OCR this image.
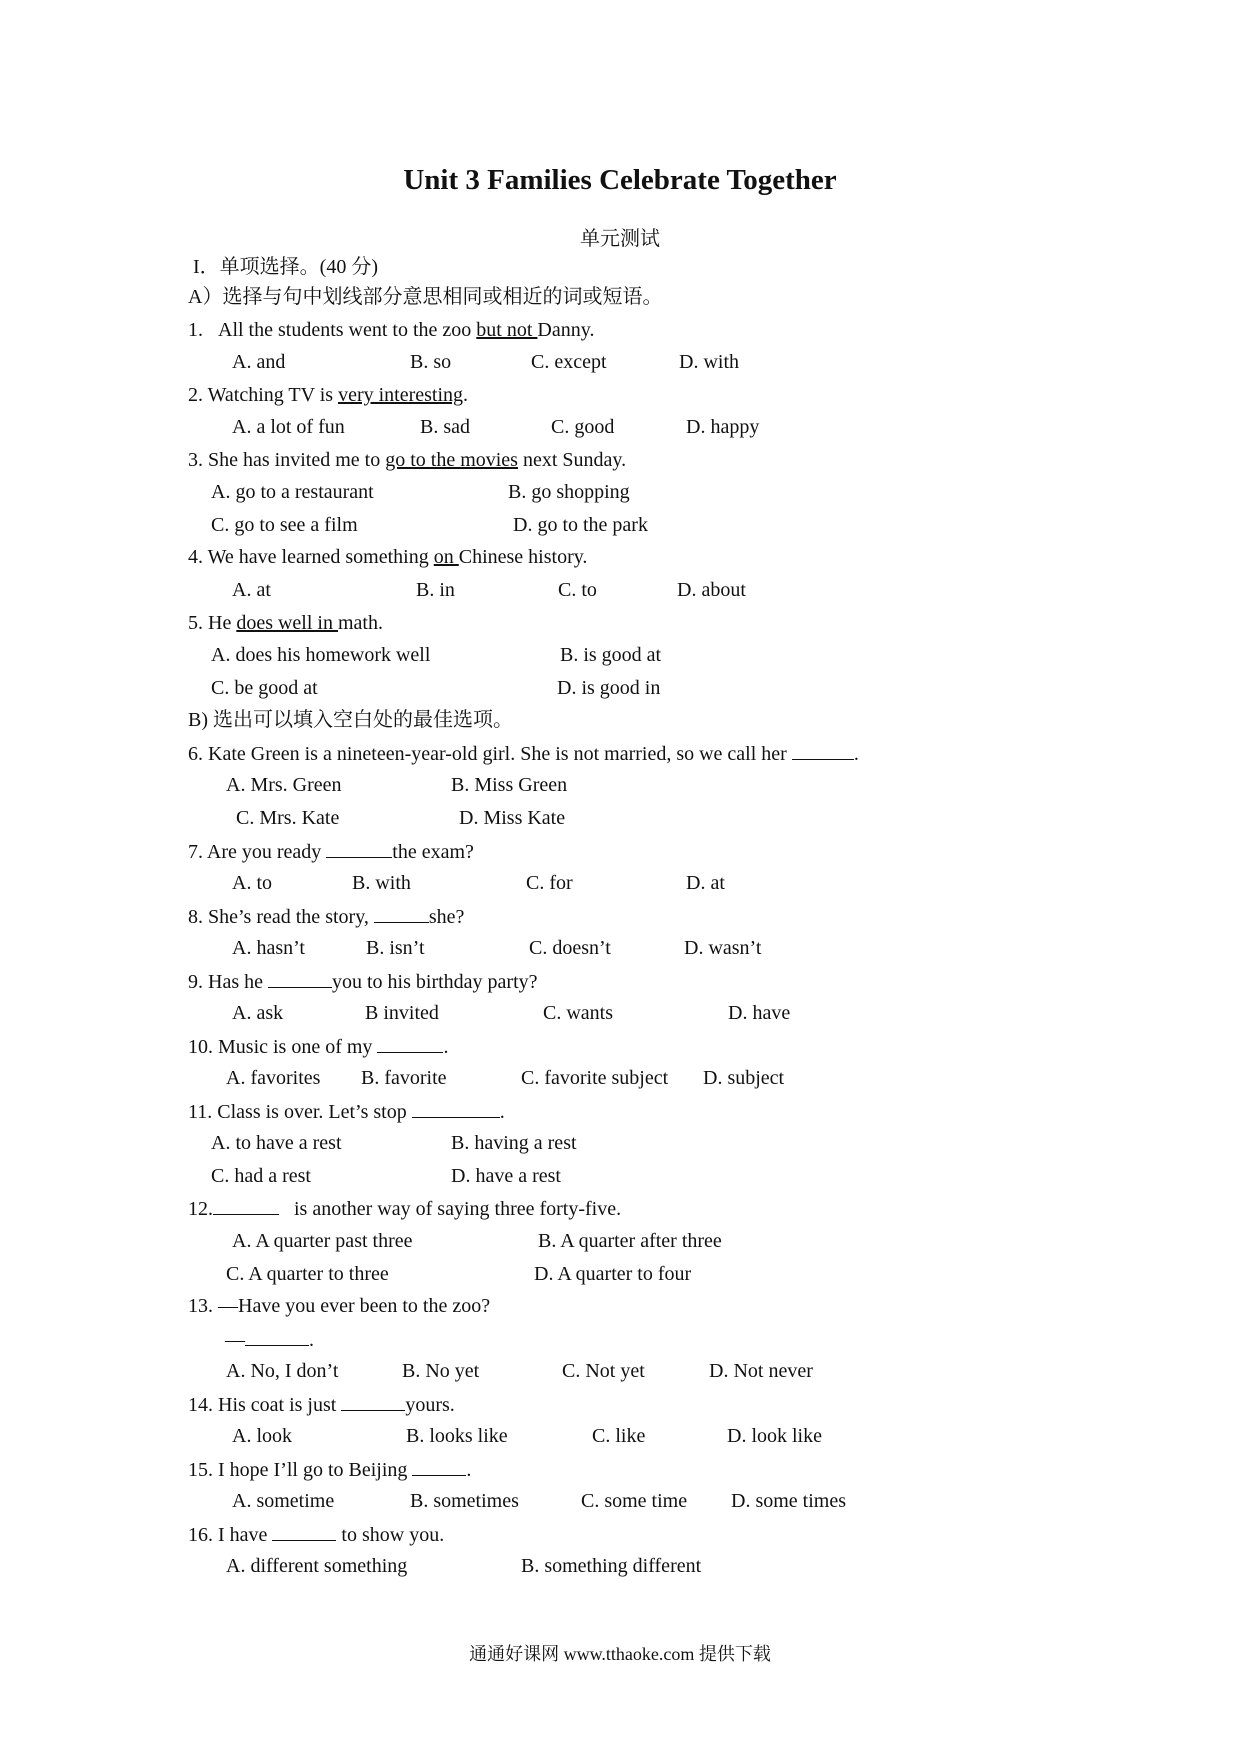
Unit 3 Families Celebrate Together
单元测试
I．单项选择。(40 分)
A）选择与句中划线部分意思相同或相近的词或短语。
1. All the students went to the zoo but not Danny.
A. and	B. so	C. except	D. with
2. Watching TV is very interesting.
A. a lot of fun	B. sad	C. good	D. happy
3. She has invited me to go to the movies next Sunday.
A. go to a restaurant	B. go shopping
C. go to see a film	D. go to the park
4. We have learned something on Chinese history.
A. at	B. in	C. to	D. about
5. He does well in math.
A. does his homework well	B. is good at
C. be good at	D. is good in
B) 选出可以填入空白处的最佳选项。
6. Kate Green is a nineteen-year-old girl. She is not married, so we call her	.
A. Mrs. Green	B. Miss Green
C. Mrs. Kate	D. Miss Kate
7. Are you ready	the exam?
A. to	B. with	C. for	D. at
8. She’s read the story,	she?
A. hasn’t	B. isn’t	C. doesn’t	D. wasn’t
9. Has he	you to his birthday party?
A. ask	B invited	C. wants	D. have
10. Music is one of my	.
A. favorites B. favorite	C. favorite subject D. subject
11. Class is over. Let’s stop	.
A. to have a rest	B. having a rest
C. had a rest	D. have a rest
12.	is another way of saying three forty-five.
A. A quarter past three	B. A quarter after three
C. A quarter to three	D. A quarter to four
13. —Have you ever been to the zoo?
—	.
A. No, I don’t	B. No yet	C. Not yet	D. Not never
14. His coat is just	yours.
A. look	B. looks like	C. like	D. look like
15. I hope I’ll go to Beijing	.
A. sometime	B. sometimes	C. some time D. some times
16. I have	to show you.
A. different something	B. something different
通通好课网 www.tthaoke.com 提供下载
